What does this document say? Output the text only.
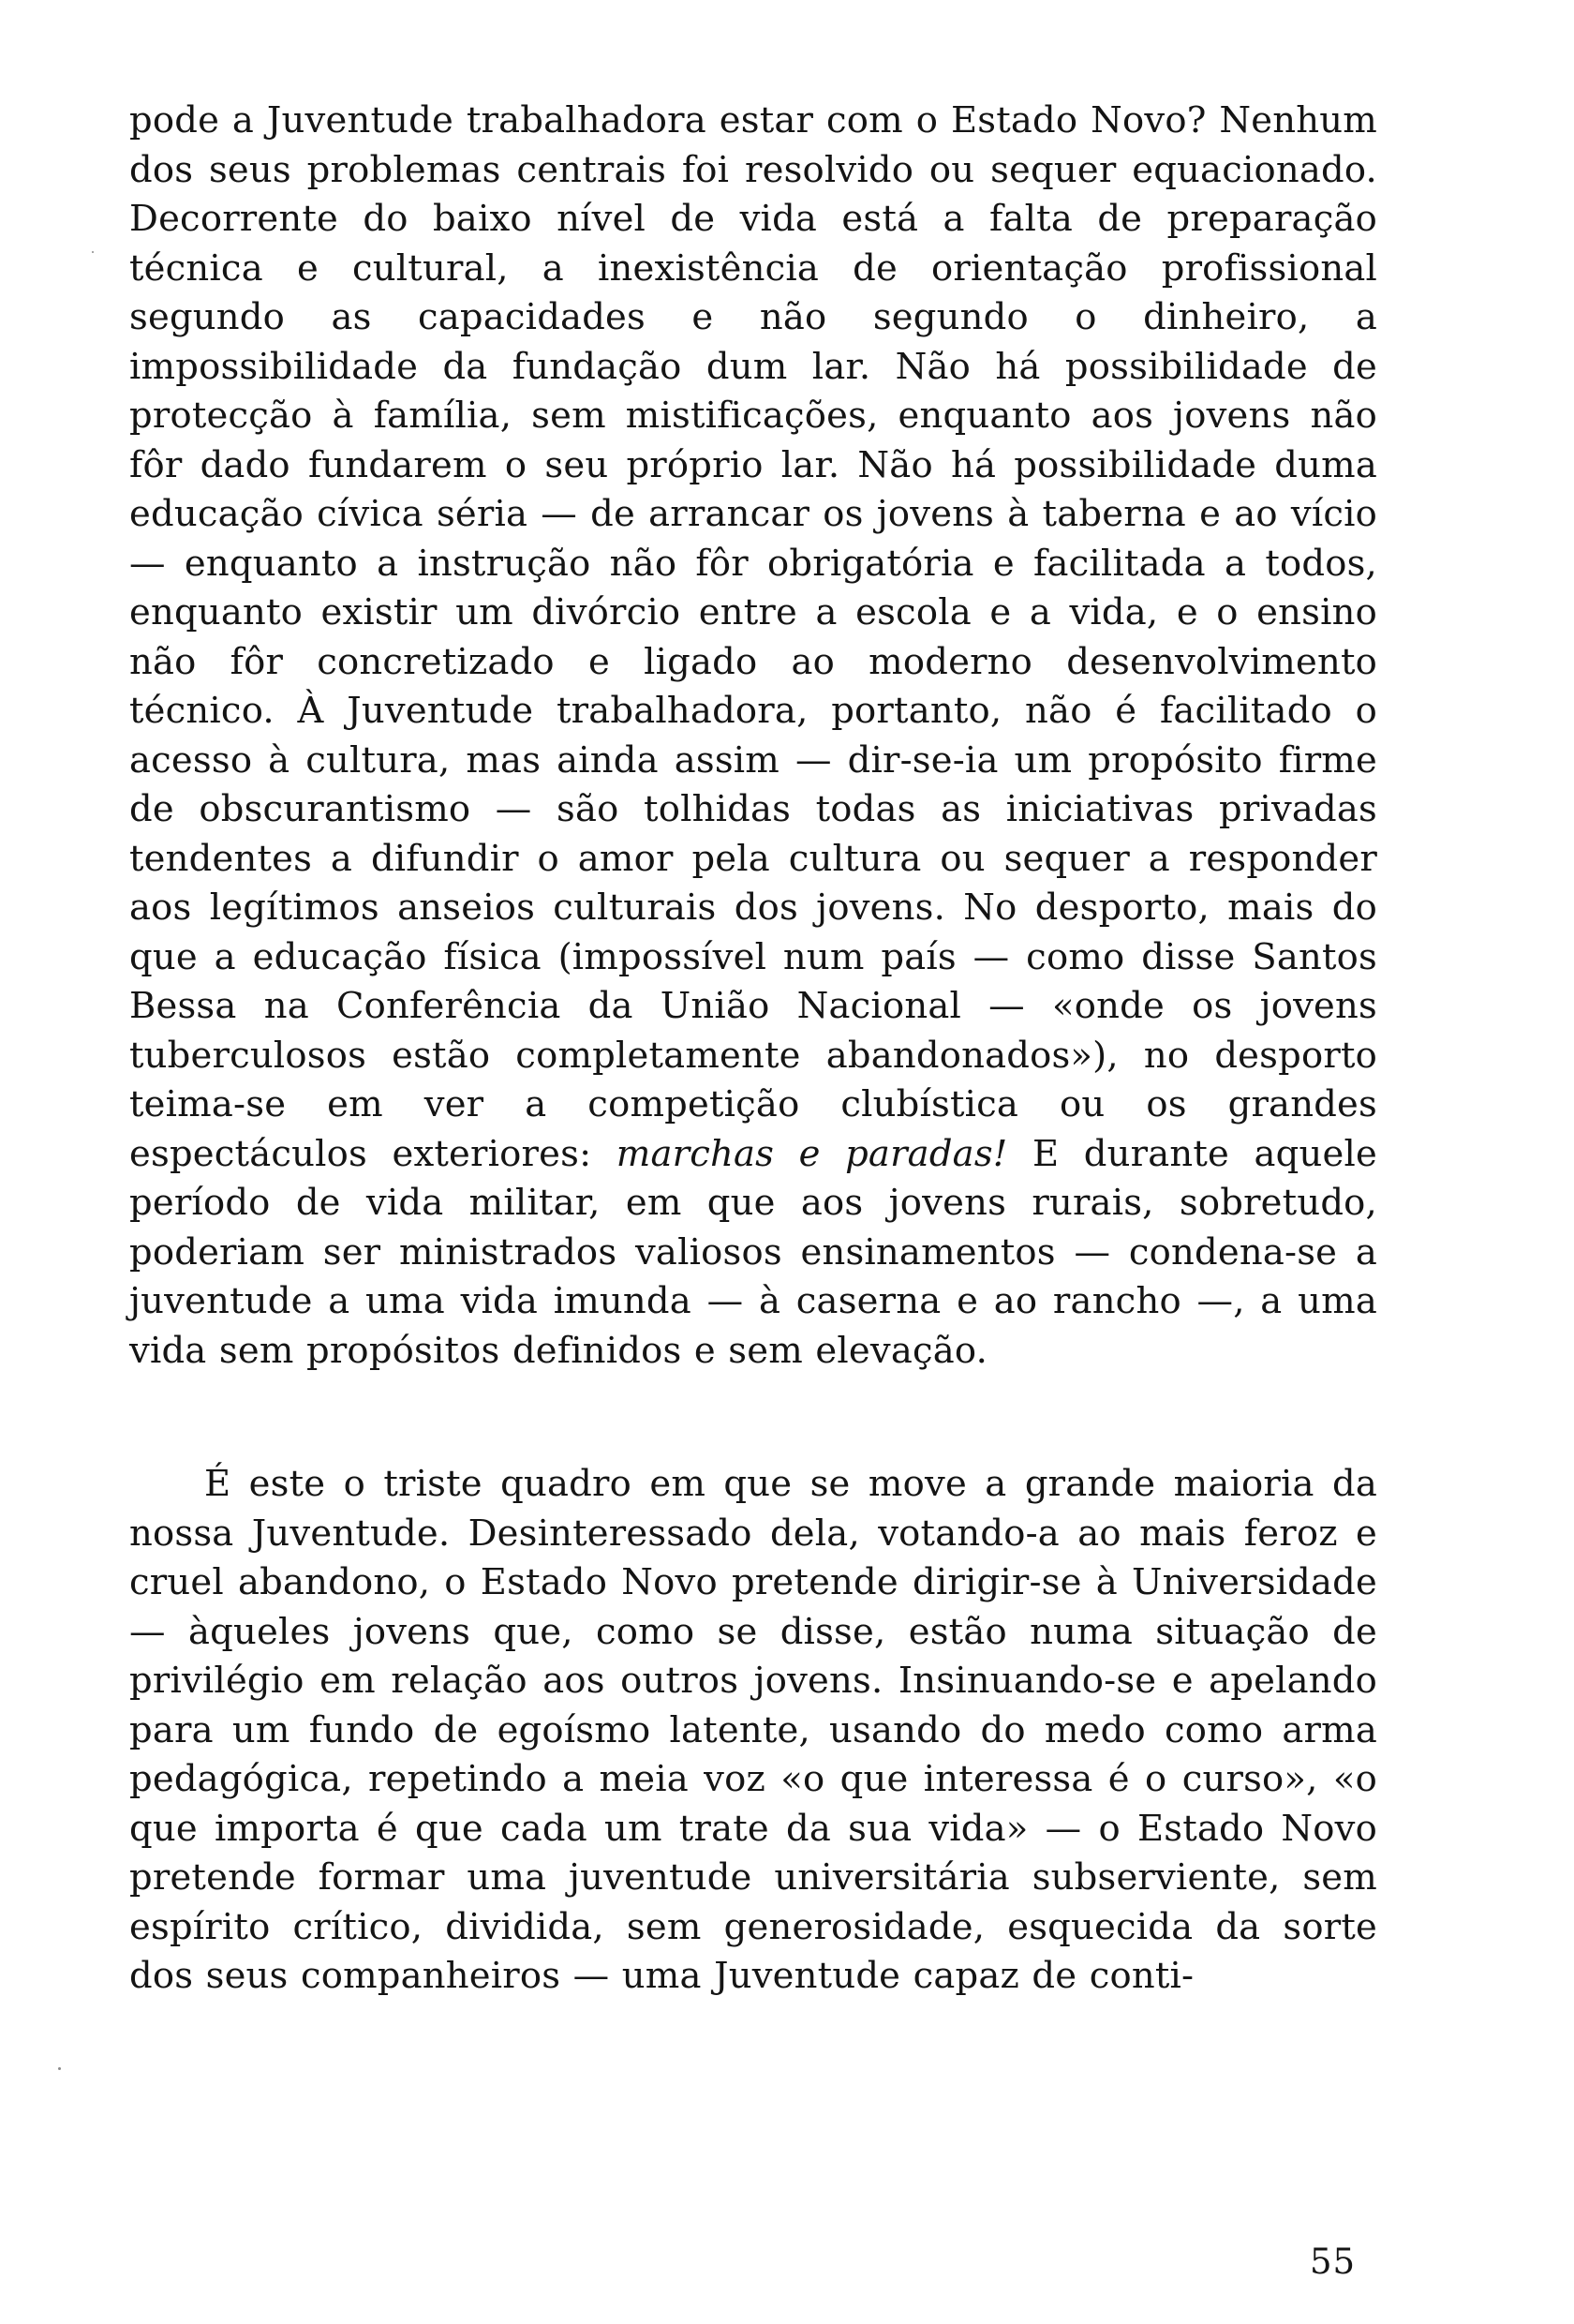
pode a Juventude trabalhadora estar com o Estado Novo? Nenhum dos seus problemas centrais foi resolvido ou sequer equacionado. Decorrente do baixo nível de vida está a falta de preparação técnica e cultural, a inexistência de orientação profissional segundo as capacidades e não segundo o dinheiro, a impossibilidade da fundação dum lar. Não há possibilidade de protecção à família, sem mistificações, enquanto aos jovens não fôr dado fundarem o seu próprio lar. Não há possibilidade duma educação cívica séria — de arrancar os jovens à taberna e ao vício — enquanto a instrução não fôr obrigatória e facilitada a todos, enquanto existir um divórcio entre a escola e a vida, e o ensino não fôr concretizado e ligado ao moderno desenvolvimento técnico. À Juventude trabalhadora, portanto, não é facilitado o acesso à cultura, mas ainda assim — dir-se-ia um propósito firme de obscurantismo — são tolhidas todas as iniciativas privadas tendentes a difundir o amor pela cultura ou sequer a responder aos legítimos anseios culturais dos jovens. No desporto, mais do que a educação física (impossível num país — como disse Santos Bessa na Conferência da União Nacional — «onde os jovens tuberculosos estão completamente abandonados»), no desporto teima-se em ver a competição clubística ou os grandes espectáculos exteriores: marchas e paradas! E durante aquele período de vida militar, em que aos jovens rurais, sobretudo, poderiam ser ministrados valiosos ensinamentos — condena-se a juventude a uma vida imunda — à caserna e ao rancho —, a uma vida sem propósitos definidos e sem elevação.

É este o triste quadro em que se move a grande maioria da nossa Juventude. Desinteressado dela, votando-a ao mais feroz e cruel abandono, o Estado Novo pretende dirigir-se à Universidade — àqueles jovens que, como se disse, estão numa situação de privilégio em relação aos outros jovens. Insinuando-se e apelando para um fundo de egoísmo latente, usando do medo como arma pedagógica, repetindo a meia voz «o que interessa é o curso», «o que importa é que cada um trate da sua vida» — o Estado Novo pretende formar uma juventude universitária subserviente, sem espírito crítico, dividida, sem generosidade, esquecida da sorte dos seus companheiros — uma Juventude capaz de conti-

55
